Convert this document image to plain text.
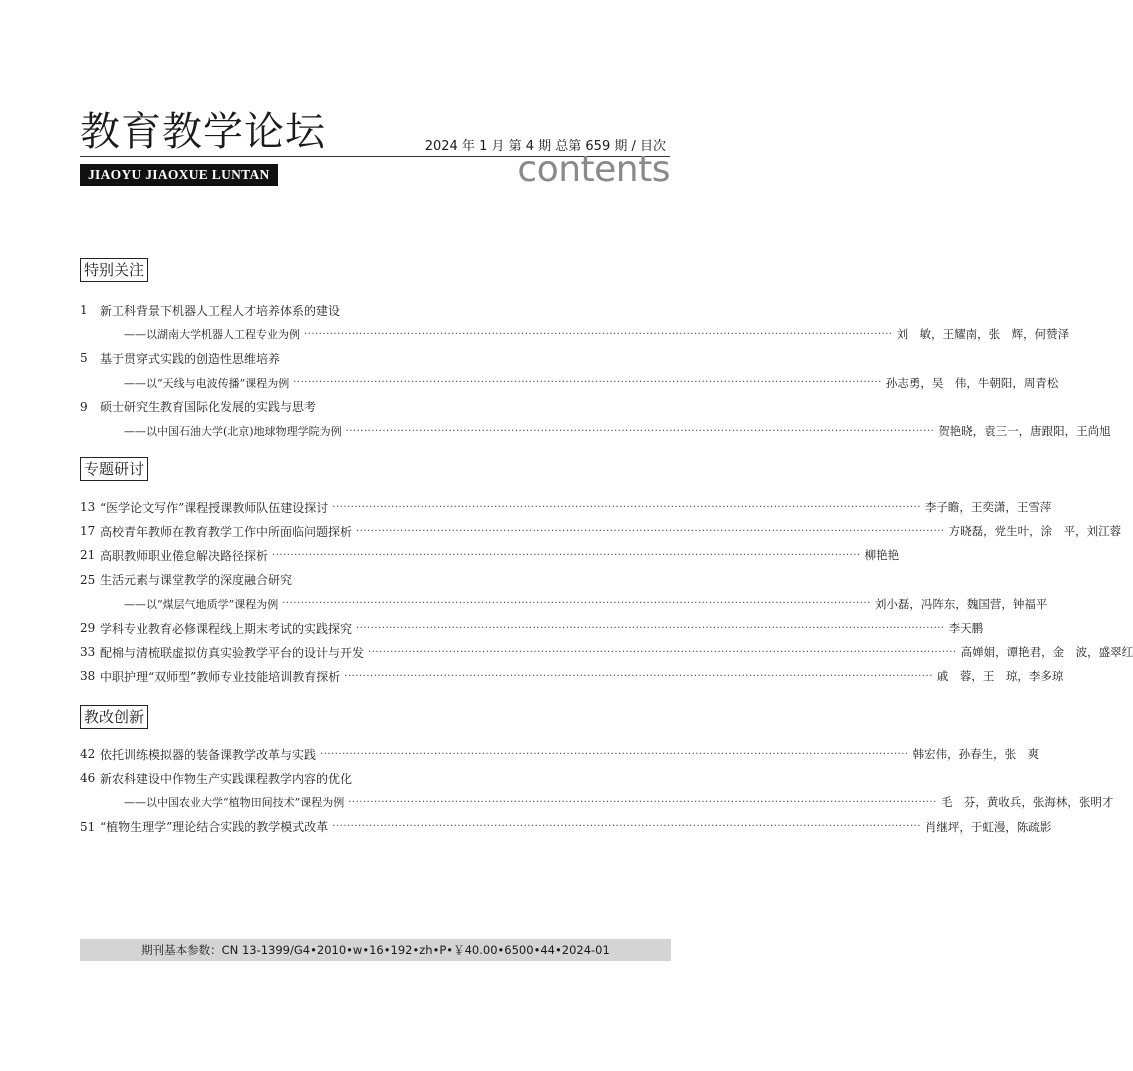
教育教学论坛	2024 年 1 月 第 4 期 总第 659 期 / 目次
JIAOYU JIAOXUE LUNTAN	contents
特别关注
1	新工科背景下机器人工程人才培养体系的建设
——以湖南大学机器人工程专业为例 ································································································································································ 刘　敏，王耀南，张　辉，何赞泽
5	基于贯穿式实践的创造性思维培养
——以“天线与电波传播”课程为例 ································································································································································ 孙志勇，吴　伟，牛朝阳，周青松
9	硕士研究生教育国际化发展的实践与思考
——以中国石油大学(北京)地球物理学院为例 ································································································································································ 贺艳晓，袁三一，唐跟阳，王尚旭
专题研讨
13 “医学论文写作”课程授课教师队伍建设探讨 ································································································································································ 李子瞻，王奕潇，王雪萍
17 高校青年教师在教育教学工作中所面临问题探析 ································································································································································ 方晓磊，党生叶，涂　平，刘江蓉
21 高职教师职业倦怠解决路径探析 ································································································································································ 柳艳艳
25 生活元素与课堂教学的深度融合研究
——以“煤层气地质学”课程为例 ································································································································································ 刘小磊，冯阵东，魏国营，钟福平
29 学科专业教育必修课程线上期末考试的实践探究 ································································································································································ 李天鹏
33 配棉与清梳联虚拟仿真实验教学平台的设计与开发 ································································································································································ 高婵娟，谭艳君，金　波，盛翠红
38 中职护理“双师型”教师专业技能培训教育探析 ································································································································································ 戚　蓉，王　琼，李多琼
教改创新
42 依托训练模拟器的装备课教学改革与实践 ································································································································································ 韩宏伟，孙春生，张　爽
46 新农科建设中作物生产实践课程教学内容的优化
——以中国农业大学“植物田间技术”课程为例 ································································································································································ 毛　芬，黄收兵，张海林，张明才
51 “植物生理学”理论结合实践的教学模式改革 ································································································································································ 肖继坪，于虹漫，陈疏影
期刊基本参数：CN 13-1399/G4•2010•w•16•192•zh•P•￥40.00•6500•44•2024-01
